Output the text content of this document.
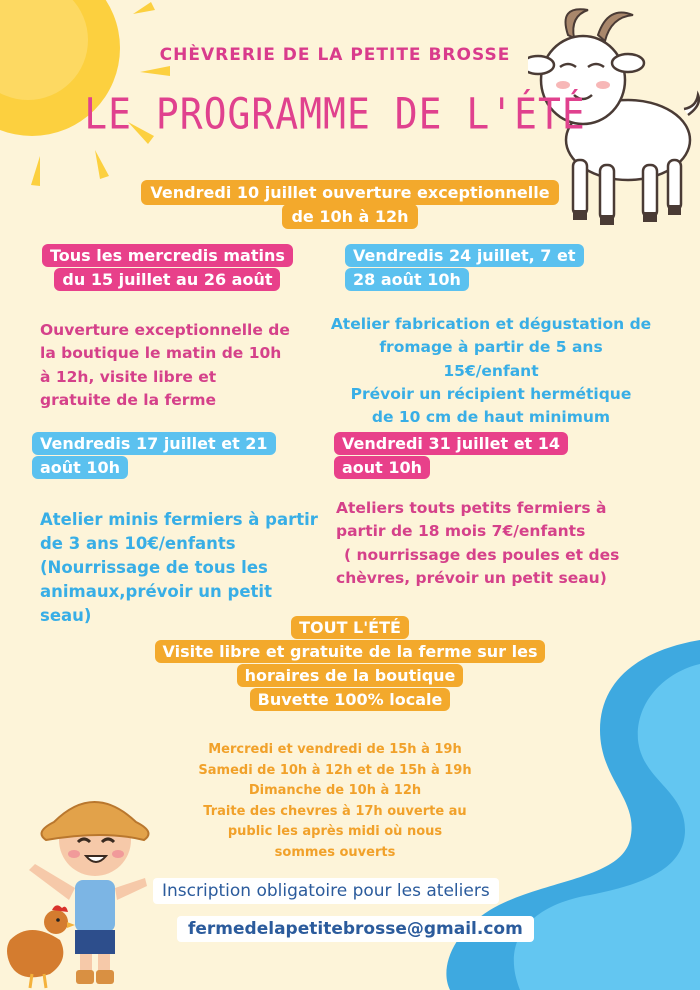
CHÈVRERIE DE LA PETITE BROSSE
LE PROGRAMME DE L'ÉTÉ
Vendredi 10 juillet ouverture exceptionnelle
de 10h à 12h
Tous les mercredis matins
du 15 juillet au 26 août
Ouverture exceptionnelle de la boutique le matin de 10h à 12h, visite libre et gratuite de la ferme
Vendredis 24 juillet, 7 et
28 août 10h
Atelier fabrication et dégustation de
fromage à partir de 5 ans 15€/enfant
Prévoir un récipient hermétique
de 10 cm de haut minimum
Vendredis 17 juillet et 21
août 10h
Atelier minis fermiers à partir de 3 ans 10€/enfants (Nourrissage de tous les animaux,prévoir un petit seau)
Vendredi 31 juillet et 14
aout 10h
Ateliers touts petits fermiers à
partir de 18 mois 7€/enfants
( nourrissage des poules et des
chèvres, prévoir un petit seau)
TOUT L'ÉTÉ
Visite libre et gratuite de la ferme sur les
horaires de la boutique
Buvette 100% locale
Mercredi et vendredi de 15h à 19h
Samedi de 10h à 12h et de 15h à 19h
Dimanche de 10h à 12h
Traite des chevres à 17h ouverte au
public les après midi où nous
sommes ouverts
Inscription obligatoire pour les ateliers
fermedelapetitebrosse@gmail.com
